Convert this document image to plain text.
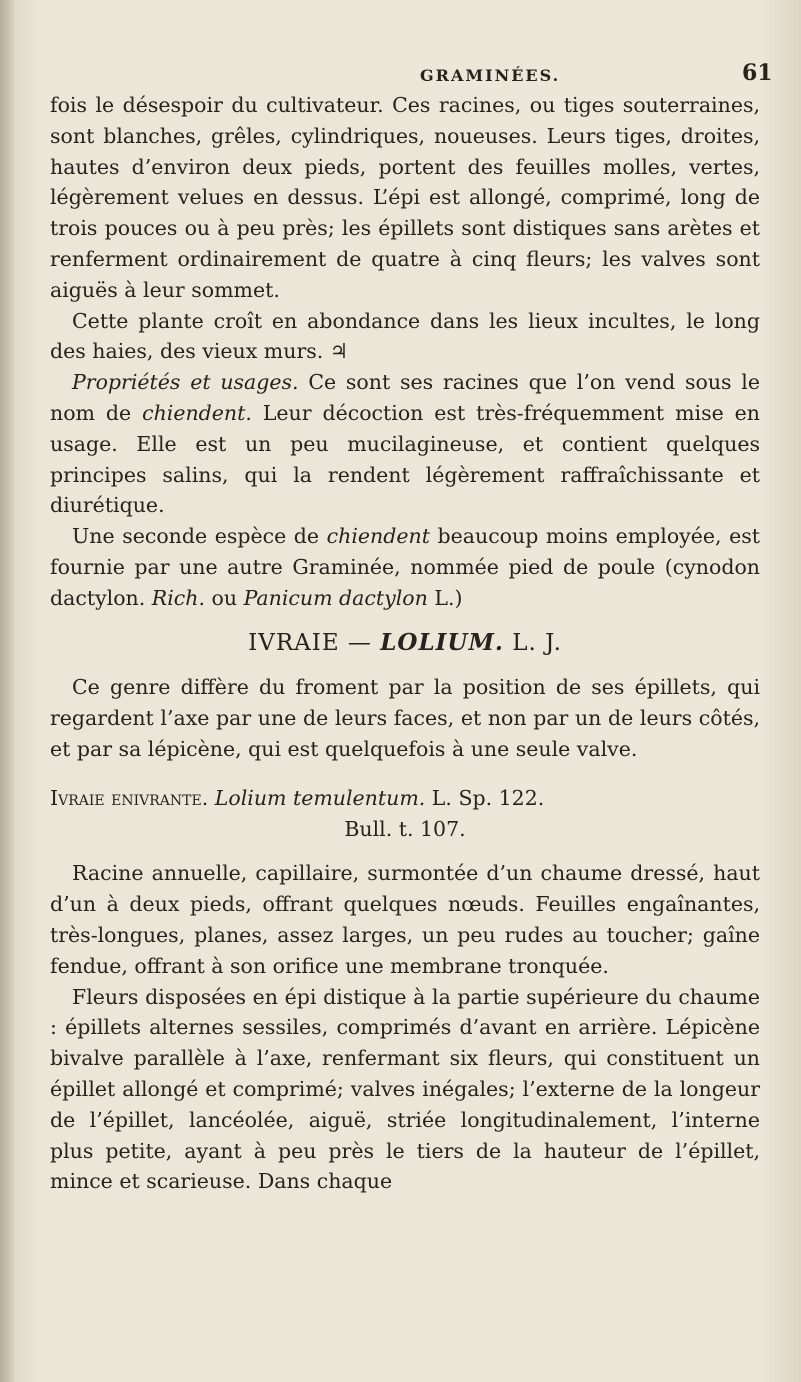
GRAMINÉES.	61

fois le désespoir du cultivateur. Ces racines, ou tiges souterraines, sont blanches, grêles, cylindriques, noueuses. Leurs tiges, droites, hautes d’environ deux pieds, portent des feuilles molles, vertes, légèrement velues en dessus. L’épi est allongé, comprimé, long de trois pouces ou à peu près; les épillets sont distiques sans arètes et renferment ordinairement de quatre à cinq fleurs; les valves sont aiguës à leur sommet.

Cette plante croît en abondance dans les lieux incultes, le long des haies, des vieux murs. ♃

Propriétés et usages. Ce sont ses racines que l’on vend sous le nom de chiendent. Leur décoction est très-fréquemment mise en usage. Elle est un peu mucilagineuse, et contient quelques principes salins, qui la rendent légèrement raffraîchissante et diurétique.

Une seconde espèce de chiendent beaucoup moins employée, est fournie par une autre Graminée, nommée pied de poule (cynodon dactylon. Rich. ou Panicum dactylon L.)

IVRAIE — LOLIUM. L. J.

Ce genre diffère du froment par la position de ses épillets, qui regardent l’axe par une de leurs faces, et non par un de leurs côtés, et par sa lépicène, qui est quelquefois à une seule valve.

Ivraie enivrante. Lolium temulentum. L. Sp. 122.

Bull. t. 107.

Racine annuelle, capillaire, surmontée d’un chaume dressé, haut d’un à deux pieds, offrant quelques nœuds. Feuilles engaînantes, très-longues, planes, assez larges, un peu rudes au toucher; gaîne fendue, offrant à son orifice une membrane tronquée.

Fleurs disposées en épi distique à la partie supérieure du chaume : épillets alternes sessiles, comprimés d’avant en arrière. Lépicène bivalve parallèle à l’axe, renfermant six fleurs, qui constituent un épillet allongé et comprimé; valves inégales; l’externe de la longeur de l’épillet, lancéolée, aiguë, striée longitudinalement, l’interne plus petite, ayant à peu près le tiers de la hauteur de l’épillet, mince et scarieuse. Dans chaque
